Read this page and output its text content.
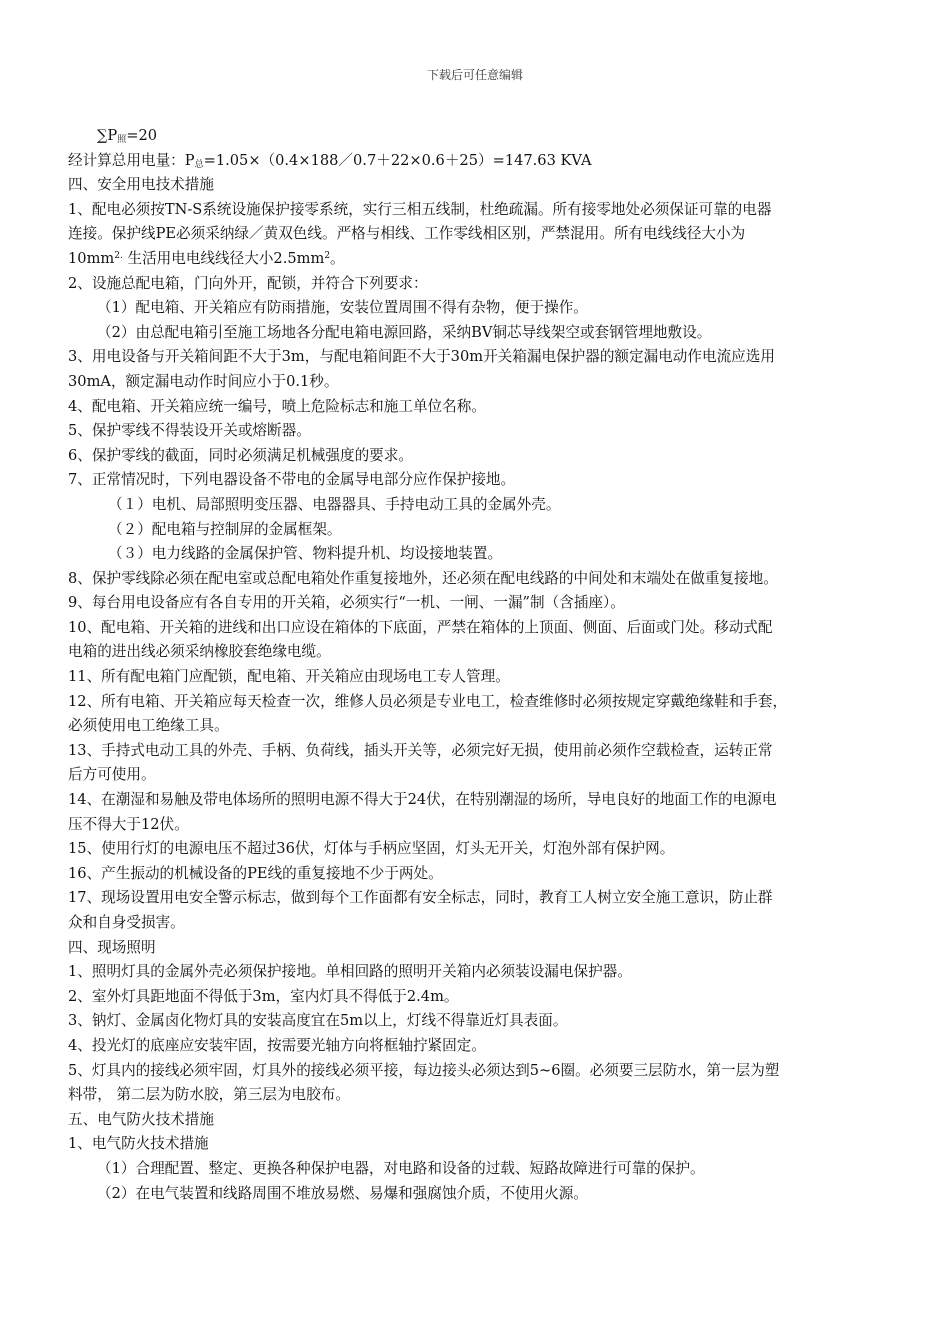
下载后可任意编辑
$\sum P_照=20$
经计算总用电量：$P_总=1.05\times(0.4\times 188/0.7+22\times 0.6+25)=147.63$ KVA
四、安全用电技术措施
1、配电必须按TN-S系统设施保护接零系统，实行三相五线制，杜绝疏漏。所有接零地处必须保证可靠的电器
连接。保护线PE必须采纳绿／黄双色线。严格与相线、工作零线相区别，严禁混用。所有电线线径大小为
$10mm^{2.}$ 生活用电电线线径大小$2.5mm^2$。
2、设施总配电箱，门向外开，配锁，并符合下列要求：
（1）配电箱、开关箱应有防雨措施，安装位置周围不得有杂物，便于操作。
（2）由总配电箱引至施工场地各分配电箱电源回路，采纳BV铜芯导线架空或套钢管埋地敷设。
3、用电设备与开关箱间距不大于3m，与配电箱间距不大于30m开关箱漏电保护器的额定漏电动作电流应选用
30mA，额定漏电动作时间应小于0.1秒。
4、配电箱、开关箱应统一编号，喷上危险标志和施工单位名称。
5、保护零线不得装设开关或熔断器。
6、保护零线的截面，同时必须满足机械强度的要求。
7、正常情况时，下列电器设备不带电的金属导电部分应作保护接地。
（１）电机、局部照明变压器、电器器具、手持电动工具的金属外壳。
（２）配电箱与控制屏的金属框架。
（３）电力线路的金属保护管、物料提升机、均设接地装置。
8、保护零线除必须在配电室或总配电箱处作重复接地外，还必须在配电线路的中间处和末端处在做重复接地。
9、每台用电设备应有各自专用的开关箱，必须实行“一机、一闸、一漏”制（含插座）。
10、配电箱、开关箱的进线和出口应设在箱体的下底面，严禁在箱体的上顶面、侧面、后面或门处。移动式配
电箱的进出线必须采纳橡胶套绝缘电缆。
11、所有配电箱门应配锁，配电箱、开关箱应由现场电工专人管理。
12、所有电箱、开关箱应每天检查一次，维修人员必须是专业电工，检查维修时必须按规定穿戴绝缘鞋和手套，
必须使用电工绝缘工具。
13、手持式电动工具的外壳、手柄、负荷线，插头开关等，必须完好无损，使用前必须作空载检查，运转正常
后方可使用。
14、在潮湿和易触及带电体场所的照明电源不得大于24伏，在特别潮湿的场所，导电良好的地面工作的电源电
压不得大于12伏。
15、使用行灯的电源电压不超过36伏，灯体与手柄应坚固，灯头无开关，灯泡外部有保护网。
16、产生振动的机械设备的PE线的重复接地不少于两处。
17、现场设置用电安全警示标志，做到每个工作面都有安全标志，同时，教育工人树立安全施工意识，防止群
众和自身受损害。
四、现场照明
1、照明灯具的金属外壳必须保护接地。单相回路的照明开关箱内必须装设漏电保护器。
2、室外灯具距地面不得低于3m，室内灯具不得低于2.4m。
3、钠灯、金属卤化物灯具的安装高度宜在5m以上，灯线不得靠近灯具表面。
4、投光灯的底座应安装牢固，按需要光轴方向将框轴拧紧固定。
5、灯具内的接线必须牢固，灯具外的接线必须平接，每边接头必须达到5~6圈。必须要三层防水，第一层为塑
料带， 第二层为防水胶，第三层为电胶布。
五、电气防火技术措施
1、电气防火技术措施
（1）合理配置、整定、更换各种保护电器，对电路和设备的过载、短路故障进行可靠的保护。
（2）在电气装置和线路周围不堆放易燃、易爆和强腐蚀介质，不使用火源。
